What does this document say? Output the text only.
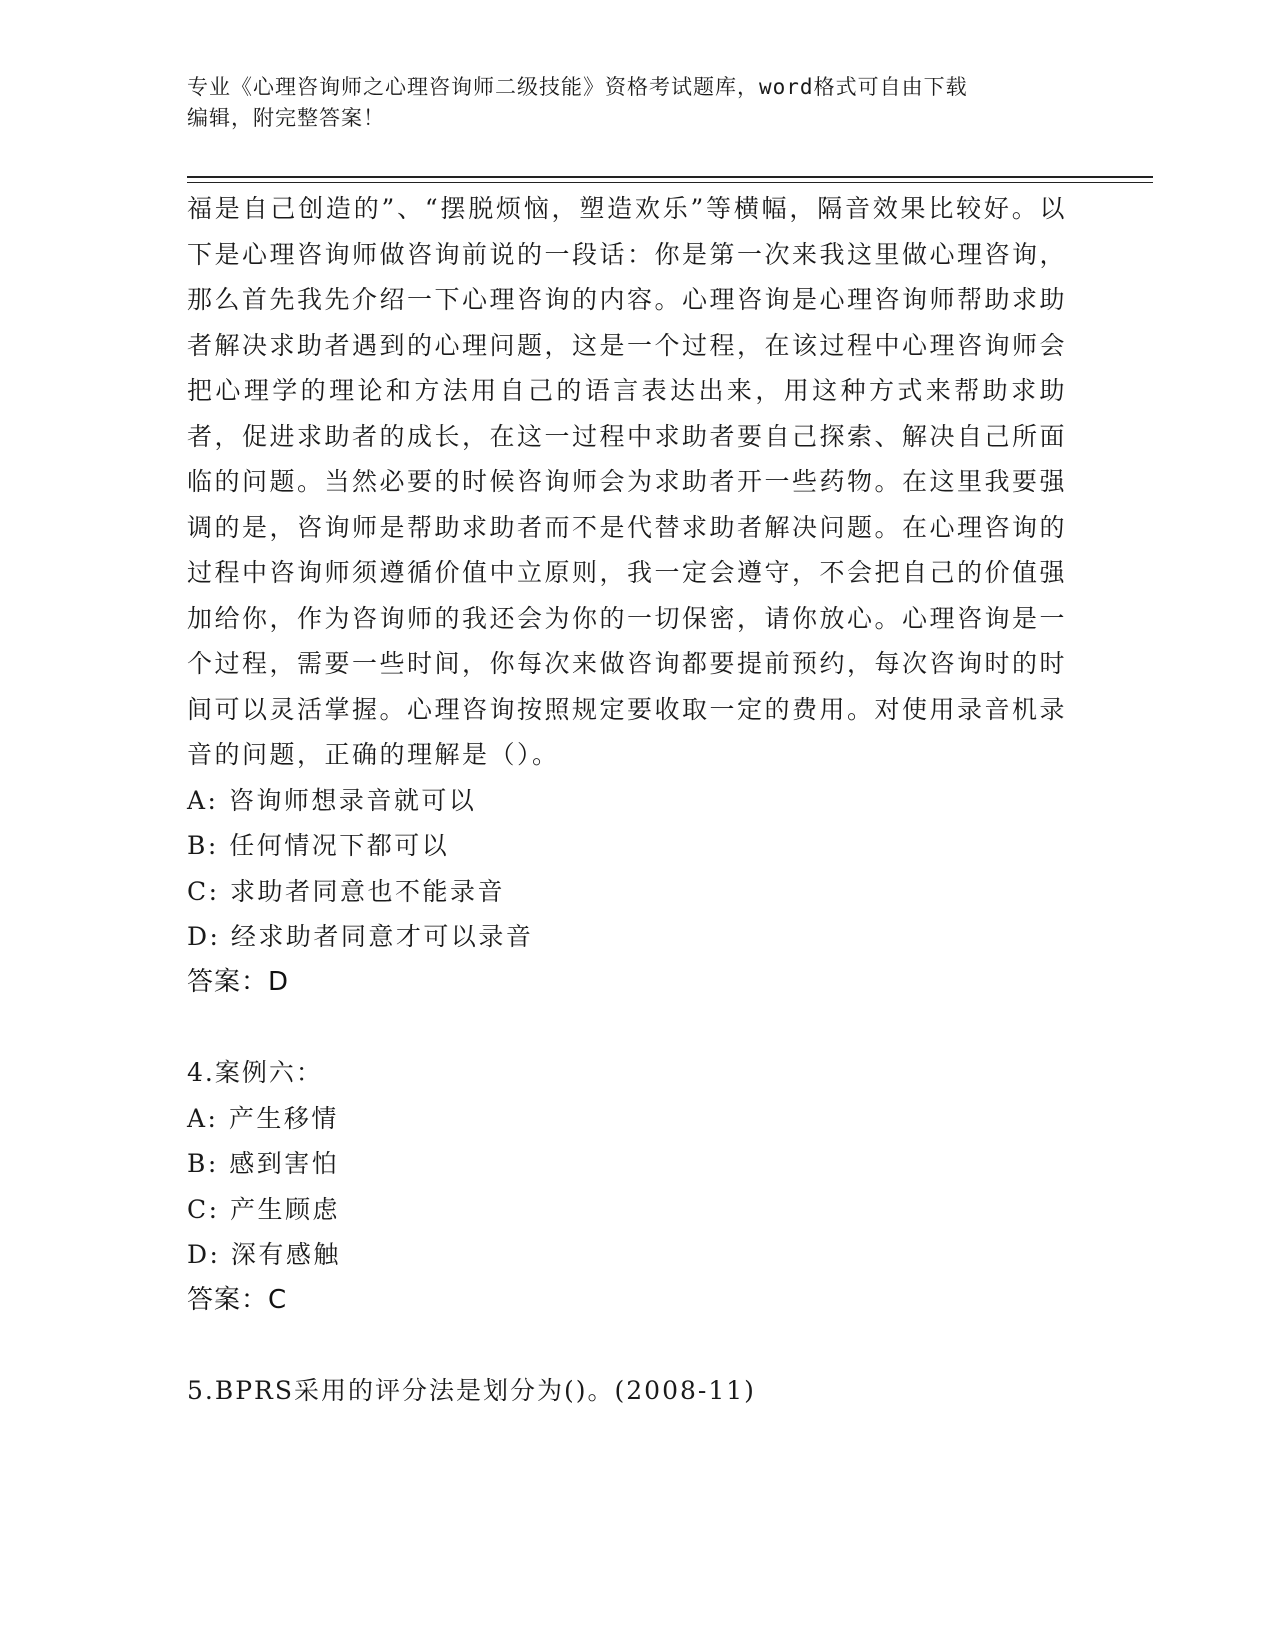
专业《心理咨询师之心理咨询师二级技能》资格考试题库，word格式可自由下载
编辑，附完整答案！

福是自己创造的”、“摆脱烦恼，塑造欢乐”等横幅，隔音效果比较好。以下是心理咨询师做咨询前说的一段话：你是第一次来我这里做心理咨询，那么首先我先介绍一下心理咨询的内容。心理咨询是心理咨询师帮助求助者解决求助者遇到的心理问题，这是一个过程，在该过程中心理咨询师会把心理学的理论和方法用自己的语言表达出来，用这种方式来帮助求助者，促进求助者的成长，在这一过程中求助者要自己探索、解决自己所面临的问题。当然必要的时候咨询师会为求助者开一些药物。在这里我要强调的是，咨询师是帮助求助者而不是代替求助者解决问题。在心理咨询的过程中咨询师须遵循价值中立原则，我一定会遵守，不会把自己的价值强加给你，作为咨询师的我还会为你的一切保密，请你放心。心理咨询是一个过程，需要一些时间，你每次来做咨询都要提前预约，每次咨询时的时间可以灵活掌握。心理咨询按照规定要收取一定的费用。对使用录音机录音的问题，正确的理解是（）。

A: 咨询师想录音就可以
B: 任何情况下都可以
C: 求助者同意也不能录音
D: 经求助者同意才可以录音
答案：D
4.案例六：
A: 产生移情
B: 感到害怕
C: 产生顾虑
D: 深有感触
答案：C
5.BPRS采用的评分法是划分为()。(2008-11)
